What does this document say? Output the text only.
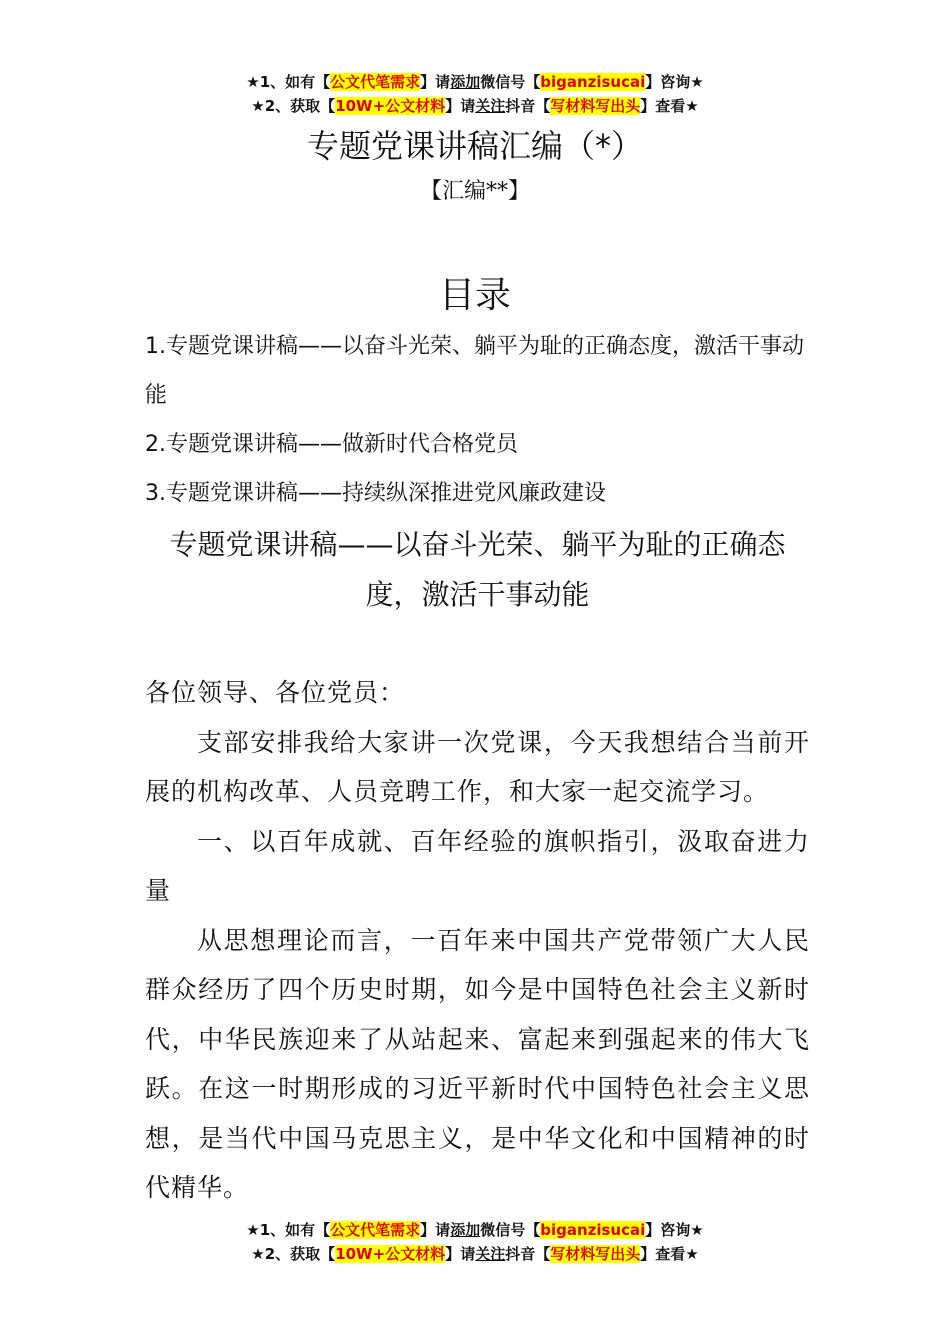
★1、如有【公文代笔需求】请添加微信号【biganzisucai】咨询★
★2、获取【10W+公文材料】请关注抖音【写材料写出头】查看★
专题党课讲稿汇编（*）
【汇编**】
目录
1.专题党课讲稿——以奋斗光荣、躺平为耻的正确态度，激活干事动能
2.专题党课讲稿——做新时代合格党员
3.专题党课讲稿——持续纵深推进党风廉政建设
专题党课讲稿——以奋斗光荣、躺平为耻的正确态度，激活干事动能

各位领导、各位党员：

支部安排我给大家讲一次党课，今天我想结合当前开展的机构改革、人员竞聘工作，和大家一起交流学习。

一、以百年成就、百年经验的旗帜指引，汲取奋进力量

从思想理论而言，一百年来中国共产党带领广大人民群众经历了四个历史时期，如今是中国特色社会主义新时代，中华民族迎来了从站起来、富起来到强起来的伟大飞跃。在这一时期形成的习近平新时代中国特色社会主义思想，是当代中国马克思主义，是中华文化和中国精神的时代精华。

★1、如有【公文代笔需求】请添加微信号【biganzisucai】咨询★
★2、获取【10W+公文材料】请关注抖音【写材料写出头】查看★
